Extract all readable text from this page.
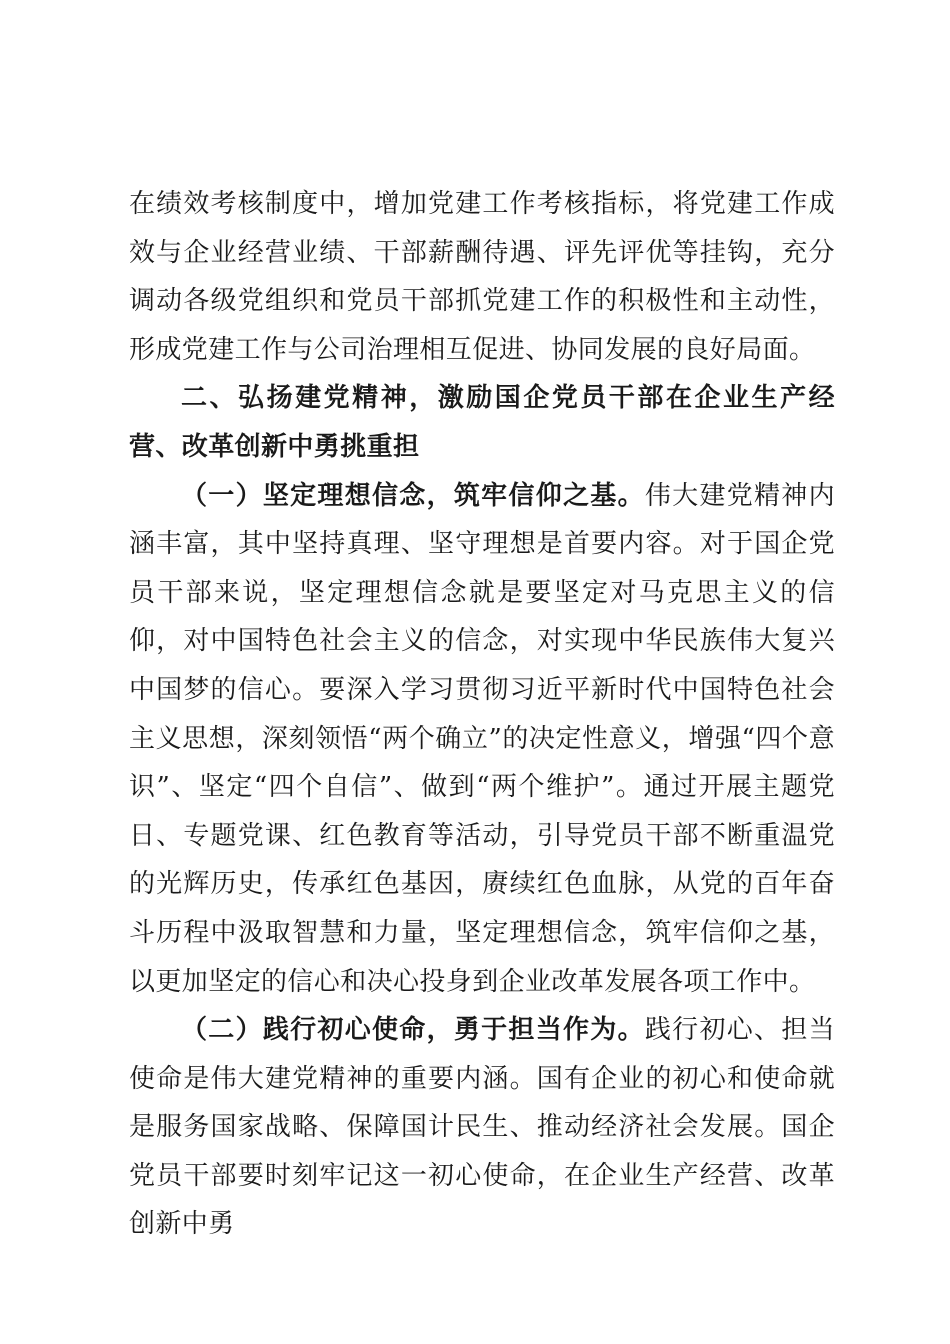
在绩效考核制度中，增加党建工作考核指标，将党建工作成效与企业经营业绩、干部薪酬待遇、评先评优等挂钩，充分调动各级党组织和党员干部抓党建工作的积极性和主动性，形成党建工作与公司治理相互促进、协同发展的良好局面。

二、弘扬建党精神，激励国企党员干部在企业生产经营、改革创新中勇挑重担

（一）坚定理想信念，筑牢信仰之基。伟大建党精神内涵丰富，其中坚持真理、坚守理想是首要内容。对于国企党员干部来说，坚定理想信念就是要坚定对马克思主义的信仰，对中国特色社会主义的信念，对实现中华民族伟大复兴中国梦的信心。要深入学习贯彻习近平新时代中国特色社会主义思想，深刻领悟“两个确立”的决定性意义，增强“四个意识”、坚定“四个自信”、做到“两个维护”。通过开展主题党日、专题党课、红色教育等活动，引导党员干部不断重温党的光辉历史，传承红色基因，赓续红色血脉，从党的百年奋斗历程中汲取智慧和力量，坚定理想信念，筑牢信仰之基，以更加坚定的信心和决心投身到企业改革发展各项工作中。

（二）践行初心使命，勇于担当作为。践行初心、担当使命是伟大建党精神的重要内涵。国有企业的初心和使命就是服务国家战略、保障国计民生、推动经济社会发展。国企党员干部要时刻牢记这一初心使命，在企业生产经营、改革创新中勇
